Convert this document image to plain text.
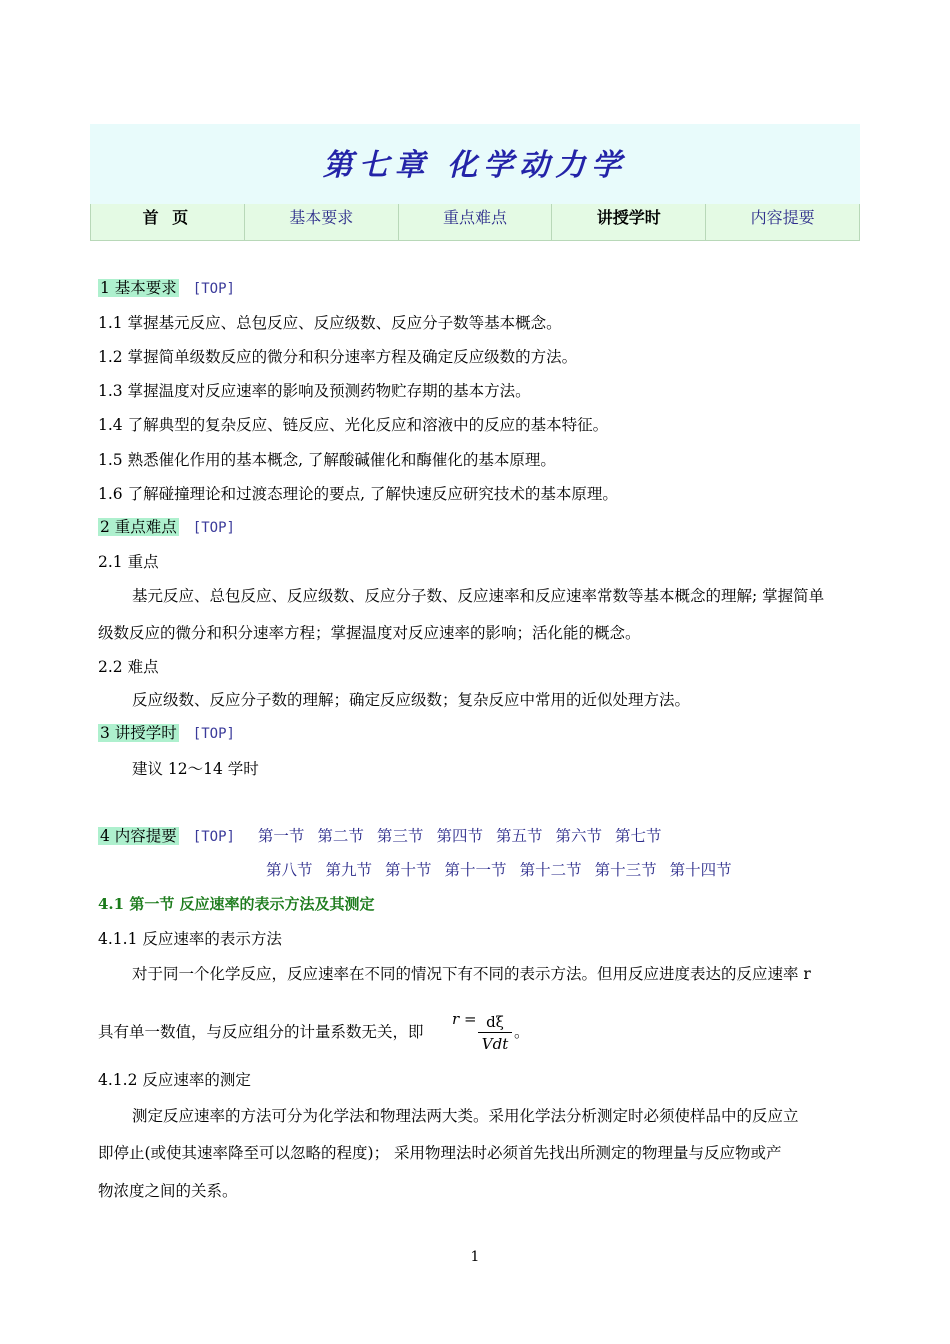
第七章 化学动力学
首 页	基本要求	重点难点	讲授学时	内容提要
1 基本要求 [TOP]
1.1 掌握基元反应、总包反应、反应级数、反应分子数等基本概念。
1.2 掌握简单级数反应的微分和积分速率方程及确定反应级数的方法。
1.3 掌握温度对反应速率的影响及预测药物贮存期的基本方法。
1.4 了解典型的复杂反应、链反应、光化反应和溶液中的反应的基本特征。
1.5 熟悉催化作用的基本概念, 了解酸碱催化和酶催化的基本原理。
1.6 了解碰撞理论和过渡态理论的要点, 了解快速反应研究技术的基本原理。
2 重点难点 [TOP]
2.1 重点
基元反应、总包反应、反应级数、反应分子数、反应速率和反应速率常数等基本概念的理解; 掌握简单
级数反应的微分和积分速率方程；掌握温度对反应速率的影响；活化能的概念。
2.2 难点
反应级数、反应分子数的理解；确定反应级数；复杂反应中常用的近似处理方法。
3 讲授学时 [TOP]
建议 12～14 学时
4 内容提要 [TOP] 第一节 第二节 第三节 第四节 第五节 第六节 第七节
第八节 第九节 第十节 第十一节 第十二节 第十三节 第十四节
4.1 第一节 反应速率的表示方法及其测定
4.1.1 反应速率的表示方法
对于同一个化学反应，反应速率在不同的情况下有不同的表示方法。但用反应进度表达的反应速率 r
具有单一数值，与反应组分的计量系数无关，即
r = dξ
Vdt
。
4.1.2 反应速率的测定
测定反应速率的方法可分为化学法和物理法两大类。采用化学法分析测定时必须使样品中的反应立
即停止(或使其速率降至可以忽略的程度)； 采用物理法时必须首先找出所测定的物理量与反应物或产
物浓度之间的关系。
1
